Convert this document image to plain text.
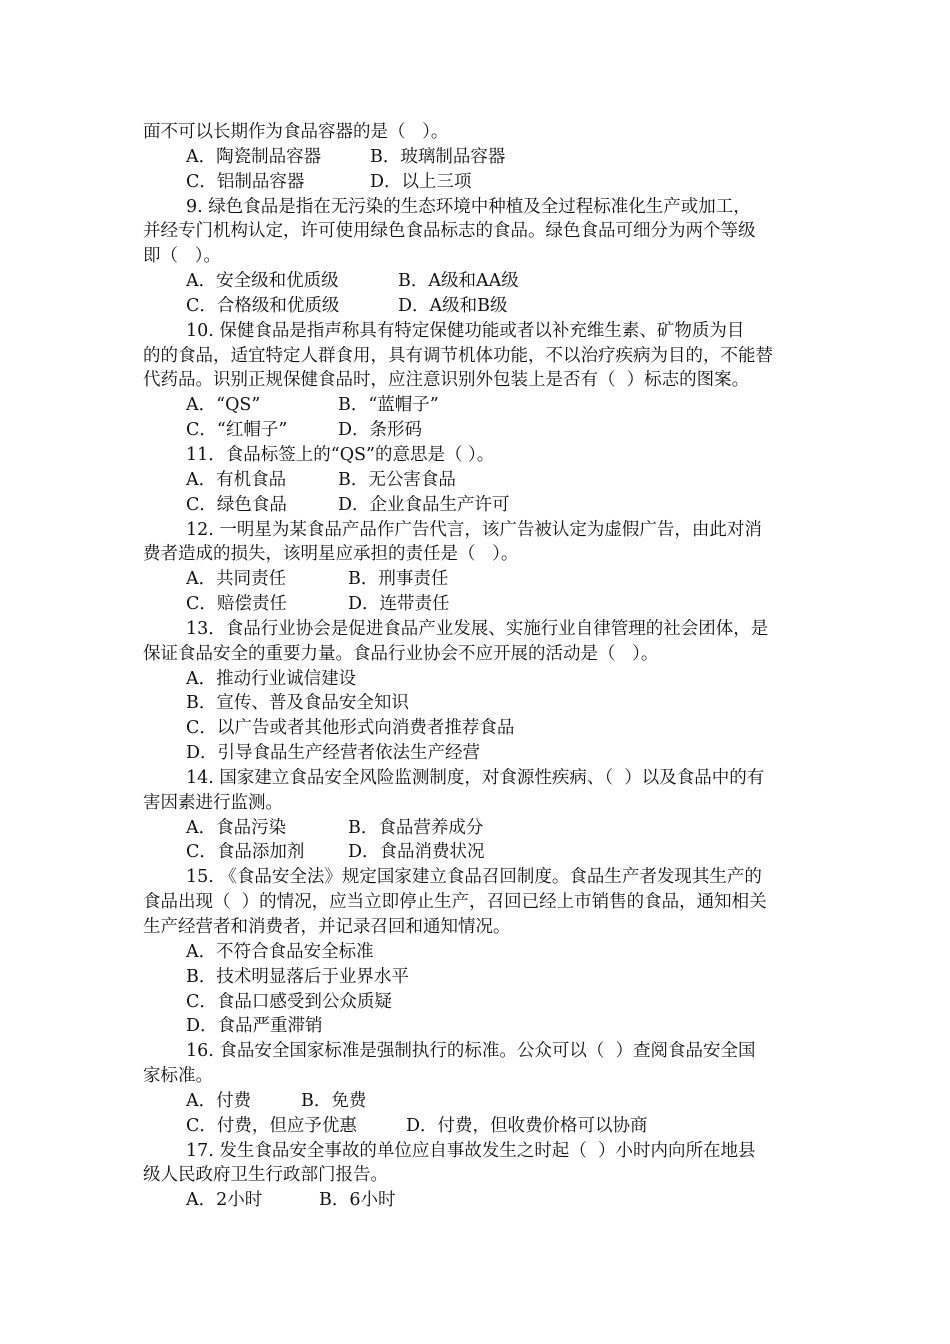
面不可以长期作为食品容器的是（   ）。
A．陶瓷制品容器	B．玻璃制品容器
C．铝制品容器	D．以上三项
9. 绿色食品是指在无污染的生态环境中种植及全过程标准化生产或加工，
并经专门机构认定，许可使用绿色食品标志的食品。绿色食品可细分为两个等级
即（   ）。
A．安全级和优质级	B．A级和AA级
C．合格级和优质级	D．A级和B级
10. 保健食品是指声称具有特定保健功能或者以补充维生素、矿物质为目
的的食品，适宜特定人群食用，具有调节机体功能，不以治疗疾病为目的，不能替
代药品。识别正规保健食品时，应注意识别外包装上是否有（  ）标志的图案。
A．“QS”	B．“蓝帽子”
C．“红帽子”	D．条形码
11．食品标签上的“QS”的意思是（ ）。
A．有机食品	B．无公害食品
C．绿色食品	D．企业食品生产许可
12. 一明星为某食品产品作广告代言，该广告被认定为虚假广告，由此对消
费者造成的损失，该明星应承担的责任是（   ）。
A．共同责任	B．刑事责任
C．赔偿责任	D．连带责任
13．食品行业协会是促进食品产业发展、实施行业自律管理的社会团体，是
保证食品安全的重要力量。食品行业协会不应开展的活动是（   ）。
A．推动行业诚信建设
B．宣传、普及食品安全知识
C．以广告或者其他形式向消费者推荐食品
D．引导食品生产经营者依法生产经营
14. 国家建立食品安全风险监测制度，对食源性疾病、（  ）以及食品中的有
害因素进行监测。
A．食品污染	B．食品营养成分
C．食品添加剂 D．食品消费状况
15. 《食品安全法》规定国家建立食品召回制度。食品生产者发现其生产的
食品出现（  ）的情况，应当立即停止生产，召回已经上市销售的食品，通知相关
生产经营者和消费者，并记录召回和通知情况。
A．不符合食品安全标准
B．技术明显落后于业界水平
C．食品口感受到公众质疑
D．食品严重滞销
16. 食品安全国家标准是强制执行的标准。公众可以（  ）查阅食品安全国
家标准。
A．付费	B．免费
C．付费，但应予优惠	D．付费，但收费价格可以协商
17. 发生食品安全事故的单位应自事故发生之时起（  ）小时内向所在地县
级人民政府卫生行政部门报告。
A．2小时	B．6小时
